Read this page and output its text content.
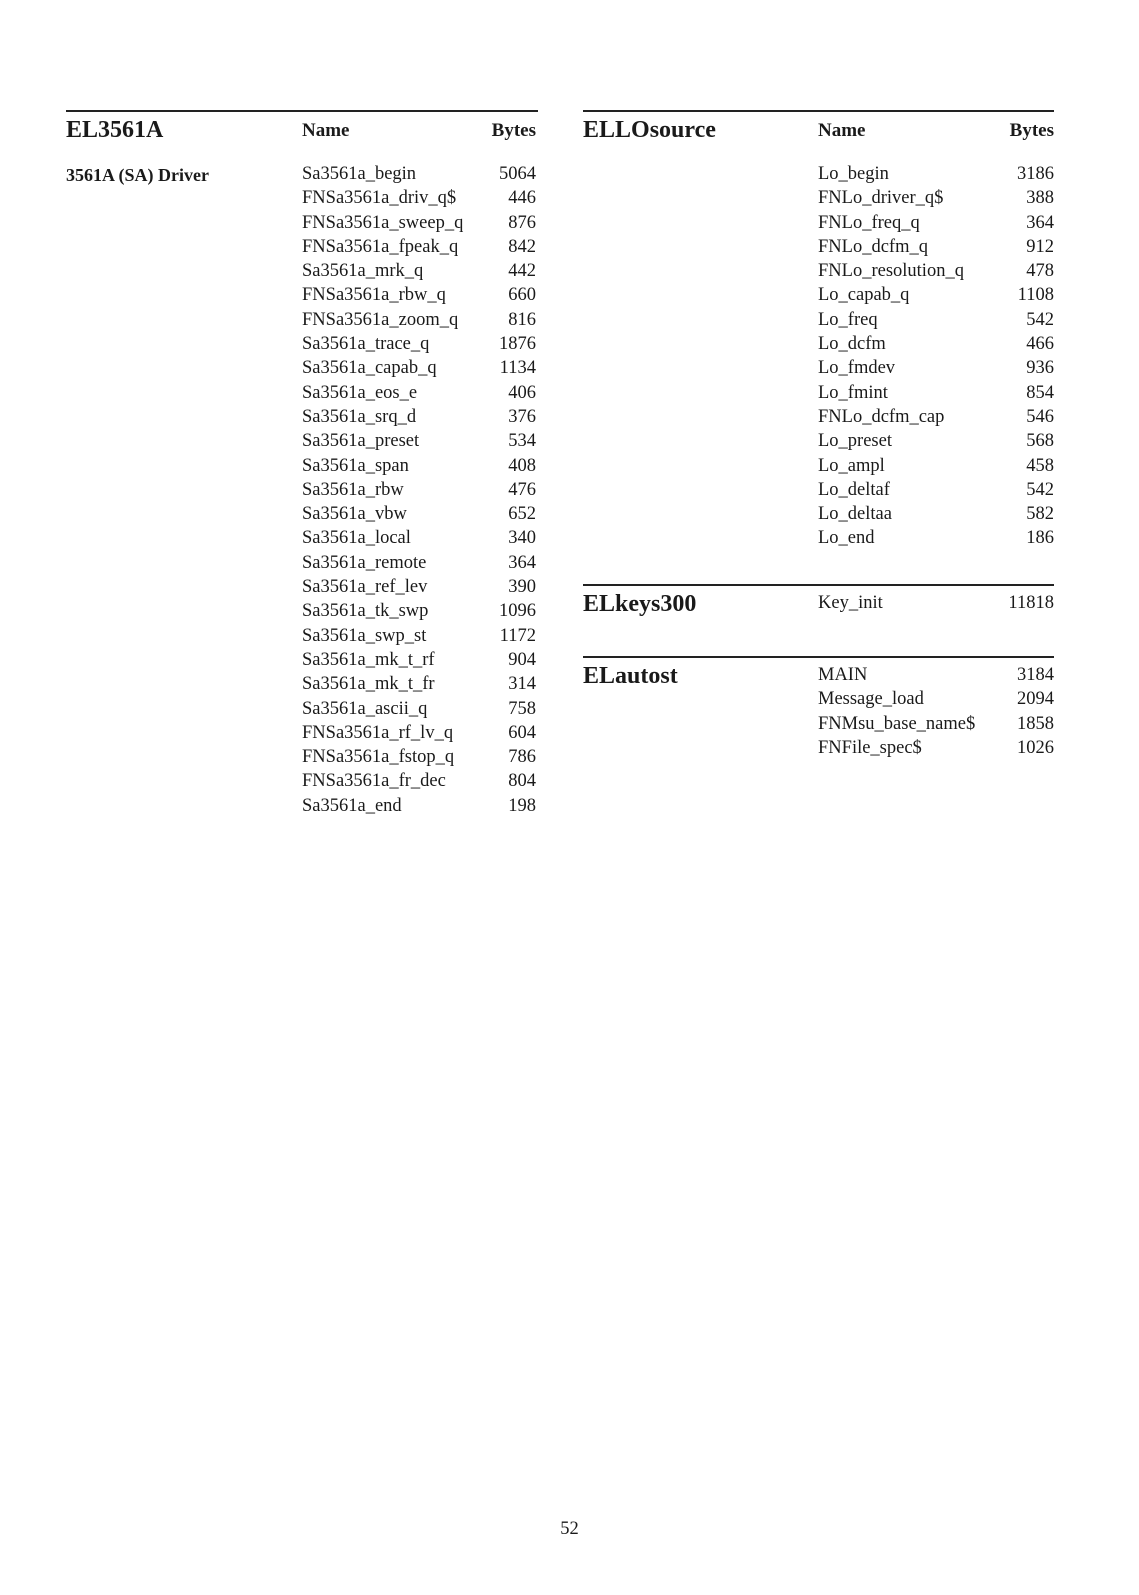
EL3561A	Name	Bytes
3561A (SA) Driver	Sa3561a_begin	5064
FNSa3561a_driv_q$	446
FNSa3561a_sweep_q 876
FNSa3561a_fpeak_q	842
Sa3561a_mrk_q	442
FNSa3561a_rbw_q	660
FNSa3561a_zoom_q	816
Sa3561a_trace_q	1876
Sa3561a_capab_q	1134
Sa3561a_eos_e	406
Sa3561a_srq_d	376
Sa3561a_preset	534
Sa3561a_span	408
Sa3561a_rbw	476
Sa3561a_vbw	652
Sa3561a_local	340
Sa3561a_remote	364
Sa3561a_ref_lev	390
Sa3561a_tk_swp	1096
Sa3561a_swp_st	1172
Sa3561a_mk_t_rf	904
Sa3561a_mk_t_fr	314
Sa3561a_ascii_q	758
FNSa3561a_rf_lv_q	604
FNSa3561a_fstop_q	786
FNSa3561a_fr_dec	804
Sa3561a_end	198
ELLOsource	Name	Bytes
Lo_begin	3186
FNLo_driver_q$	388
FNLo_freq_q	364
FNLo_dcfm_q	912
FNLo_resolution_q	478
Lo_capab_q	1108
Lo_freq	542
Lo_dcfm	466
Lo_fmdev	936
Lo_fmint	854
FNLo_dcfm_cap	546
Lo_preset	568
Lo_ampl	458
Lo_deltaf	542
Lo_deltaa	582
Lo_end	186
ELkeys300	Key_init	11818
ELautost	MAIN	3184
Message_load	2094
FNMsu_base_name$ 1858
FNFile_spec$	1026
52
